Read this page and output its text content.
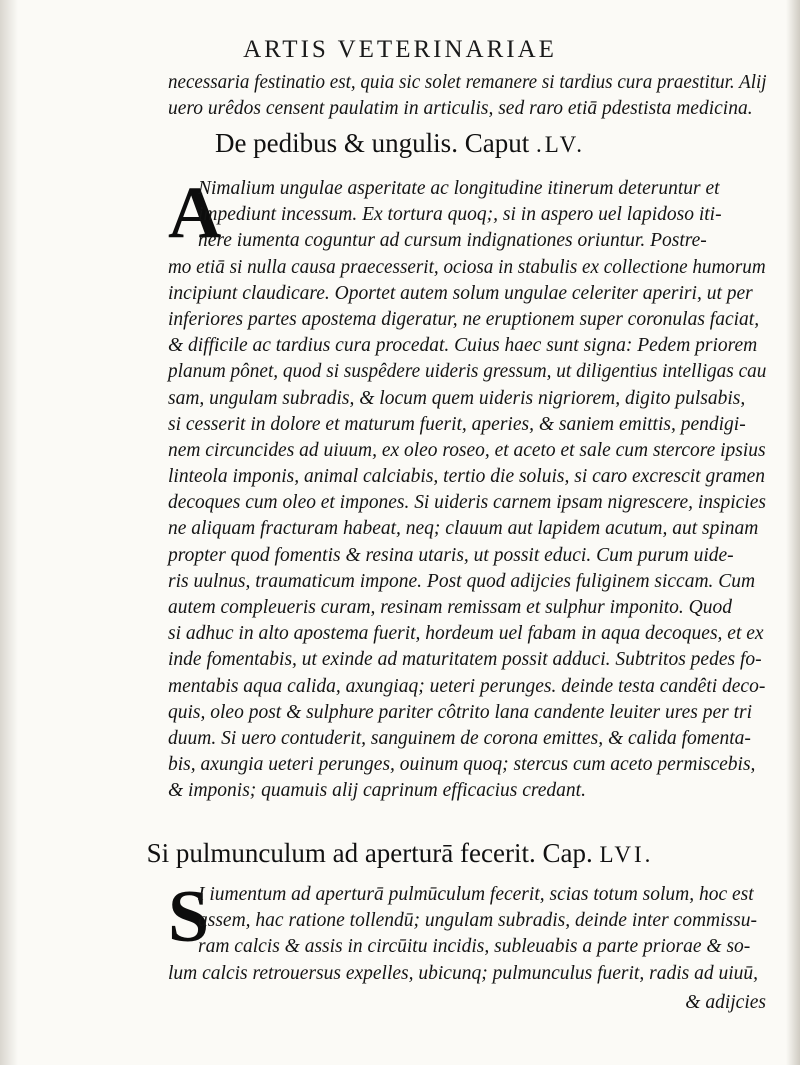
ARTIS VETERINARIAE
necessaria festinatio est, quia sic solet remanere si tardius cura praestitur. Alij
uero urêdos censent paulatim in articulis, sed raro etiā pdestista medicina.
De pedibus & ungulis. Caput .LV.
A
Nimalium ungulae asperitate ac longitudine itinerum deteruntur et
impediunt incessum. Ex tortura quoq;, si in aspero uel lapidoso iti-
nere iumenta coguntur ad cursum indignationes oriuntur. Postre-
mo etiā si nulla causa praecesserit, ociosa in stabulis ex collectione humorum
incipiunt claudicare. Oportet autem solum ungulae celeriter aperiri, ut per
inferiores partes apostema digeratur, ne eruptionem super coronulas faciat,
& difficile ac tardius cura procedat. Cuius haec sunt signa: Pedem priorem
planum pônet, quod si suspêdere uideris gressum, ut diligentius intelligas cau
sam, ungulam subradis, & locum quem uideris nigriorem, digito pulsabis,
si cesserit in dolore et maturum fuerit, aperies, & saniem emittis, pendigi-
nem circuncides ad uiuum, ex oleo roseo, et aceto et sale cum stercore ipsius
linteola imponis, animal calciabis, tertio die soluis, si caro excrescit gramen
decoques cum oleo et impones. Si uideris carnem ipsam nigrescere, inspicies
ne aliquam fracturam habeat, neq; clauum aut lapidem acutum, aut spinam
propter quod fomentis & resina utaris, ut possit educi. Cum purum uide-
ris uulnus, traumaticum impone. Post quod adijcies fuliginem siccam. Cum
autem compleueris curam, resinam remissam et sulphur imponito. Quod
si adhuc in alto apostema fuerit, hordeum uel fabam in aqua decoques, et ex
inde fomentabis, ut exinde ad maturitatem possit adduci. Subtritos pedes fo-
mentabis aqua calida, axungiaq; ueteri perunges. deinde testa candêti deco-
quis, oleo post & sulphure pariter côtrito lana candente leuiter ures per tri
duum. Si uero contuderit, sanguinem de corona emittes, & calida fomenta-
bis, axungia ueteri perunges, ouinum quoq; stercus cum aceto permiscebis,
& imponis; quamuis alij caprinum efficacius credant.
Si pulmunculum ad aperturā fecerit. Cap. LVI.
S
I iumentum ad aperturā pulmūculum fecerit, scias totum solum, hoc est
assem, hac ratione tollendū; ungulam subradis, deinde inter commissu-
ram calcis & assis in circūitu incidis, subleuabis a parte priorae & so-
lum calcis retrouersus expelles, ubicunq; pulmunculus fuerit, radis ad uiuū,
& adijcies
